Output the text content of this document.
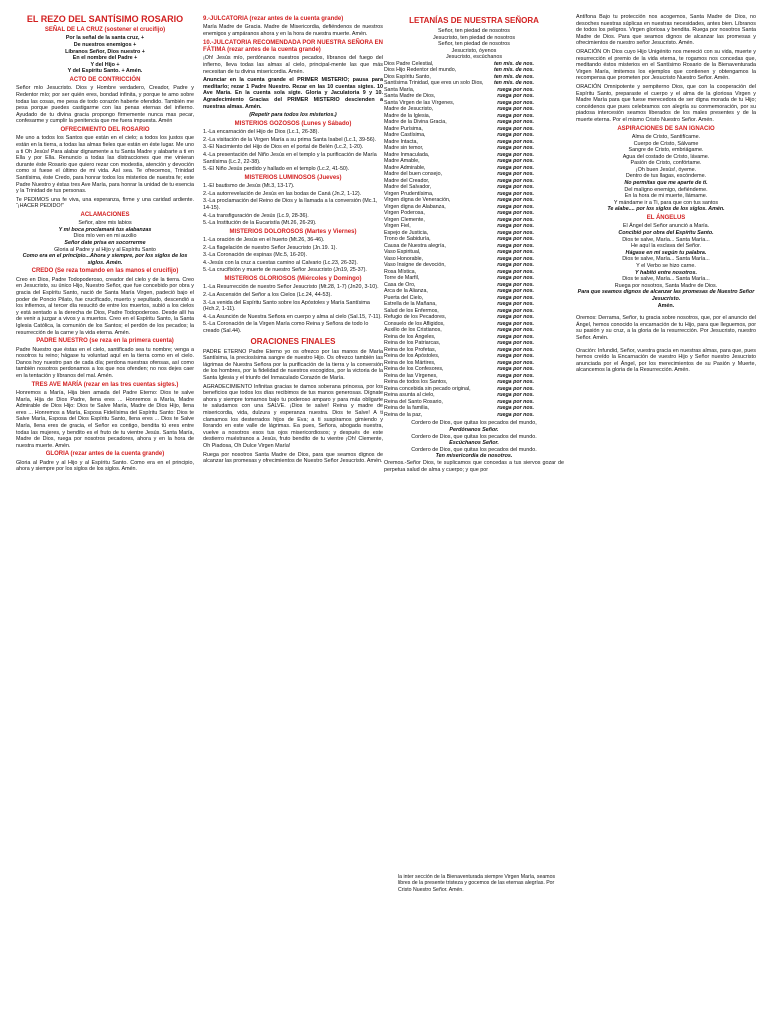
EL REZO DEL SANTÍSIMO ROSARIO
SEÑAL DE LA CRUZ (sostener el crucifijo)
Por la señal de la santa cruz, +
De nuestros enemigos +
Líbranos Señor, Dios nuestro +
En el nombre del Padre +
Y del Hijo +
Y del Espíritu Santo. + Amén.
ACTO DE CONTRICCIÓN
Señor mío Jesucristo. Dios y Hombre verdadero, Creador, Padre y Redentor mío; por ser quién eres, bondad infinita, y porque te amo sobre todas las cosas, me pesa de todo corazón haberte ofendido. También me pesa porque puedes castigarme con las penas eternas del infierno. Ayudado de tu divina gracia propongo firmemente nunca mas pecar, confesarme y cumplir la penitencia que me fuera impuesta. Amén
OFRECIMIENTO DEL ROSARIO
Me uno a todos los Santos que están en el cielo; a todos los justos que están en la tierra, a todas las almas fieles que están en éste lugar. Me uno a ti Oh Jesús! Para alabar dignamente a tu Santa Madre y alabarte a ti en Ella y por Ella. Renuncio a todas las distracciones que me vinieran durante éste Rosario que quiero rezar con modestia, atención y devoción como si fuese el último de mi vida. Así sea. Te ofrecemos, Trinidad Santísima, éste Credo, para honrar todos los misterios de nuestra fe; este Padre Nuestro y éstas tres Ave María, para honrar la unidad de tu esencia y la Trinidad de tus personas.
Te PEDIMOS una fe viva, una esperanza, firme y una caridad ardiente. “¡HACER PEDIDO!”
ACLAMACIONES
Señor, abre mis labios
Y mi boca proclamará tus alabanzas
Dios mío ven en mi auxilio
Señor date prisa en socorrerme
Gloria al Padre y al Hijo y al Espíritu Santo
Como era en el principio...Ahora y siempre, por los siglos de los siglos. Amén.
CREDO (Se reza tomando en las manos el crucifijo)
Creo en Dios, Padre Todopoderoso, creador del cielo y de la tierra. Creo en Jesucristo, su único Hijo, Nuestro Señor, que fue concebido por obra y gracia del Espíritu Santo, nació de Santa María Virgen, padeció bajo el poder de Poncio Pilato, fue crucificado, muerto y sepultado, descendió a los infiernos, al tercer día resucitó de entre los muertos, subió a los cielos y está sentado a la derecha de Dios, Padre Todopoderoso. Desde allí ha de venir a juzgar a vivos y a muertos. Creo en el Espíritu Santo, la Santa Iglesia Católica, la comunión de los Santos; el perdón de los pecados; la resurrección de la carne y la vida eterna. Amén.
PADRE NUESTRO (se reza en la primera cuenta)
Padre Nuestro que éstas en el cielo, santificado sea tu nombre; venga a nosotros tu reino; hágase tu voluntad aquí en la tierra como en el cielo. Danos hoy nuestro pan de cada día; perdona nuestras ofensas, así como también nosotros perdonamos a los que nos ofenden; no nos dejes caer en la tentación y líbranos del mal. Amén.
TRES AVE MARÍA (rezar en las tres cuentas sigtes.)
Honremos a María, Hija bien amada del Padre Eterno: Dios te salve María, Hija de Dios Padre, llena eres ... Honremos a María, Madre Admirable de Dios Hijo: Dios te Salve María, Madre de Dios Hijo, llena eres ... Honremos a María, Esposa Fidelísima del Espíritu Santo: Dios te Salve María, Esposa del Dios Espíritu Santo, llena eres ... Dios te Salve María, llena eres de gracia, el Señor es contigo, bendita tú eres entre todas las mujeres, y bendito es el fruto de tu vientre Jesús. Santa María, Madre de Dios, ruega por nosotros pecadores, ahora y en la hora de nuestra muerte. Amén.
GLORIA (rezar antes de la cuenta grande)
Gloria al Padre y al Hijo y al Espíritu Santo. Como era en el principio, ahora y siempre por los siglos de los siglos. Amén.
9.-JULCATORIA (rezar antes de la cuenta grande)
María Madre de Gracia. Madre de Misericordia, defiéndenos de nuestros enemigos y ampáranos ahora y en la hora de nuestra muerte. Amén.
10.-JULCATORIA RECOMENDADA POR NUESTRA SEÑORA EN FÁTIMA (rezar antes de la cuenta grande)
¡Oh! Jesús mío, perdónanos nuestros pecados, líbranos del fuego del infierno, lleva todas las almas al cielo, principal-mente las que más necesitan de tu divina misericordia. Amén.
Anunciar en la cuenta grande el PRIMER MISTERIO; pausa para meditarlo; rezar 1 Padre Nuestro. Rezar en las 10 cuentas sigtes. 10 Ave María. En la cuenta sola sigte. Gloria y Jaculatoria 9 y 10. Agradecimiento Gracias del PRIMER MISTERIO descienden a nuestras almas. Amén.
(Repetir para todos los misterios.)
MISTERIOS GOZOSOS (Lunes y Sábado)
1.-La encarnación del Hijo de Dios (Lc.1, 26-38).
2.-La visitación de la Virgen María a su prima Santa Isabel (Lc.1, 39-56).
3.-El Nacimiento del Hijo de Dios en el portal de Belén (Lc.2, 1-20).
4.-La presentación del Niño Jesús en el templo y la purificación de María Santísima (Lc.2, 22-38).
5.-El Niño Jesús perdido y hallado en el templo (Lc.2, 41-50).
MISTERIOS LUMINOSOS (Jueves)
1.-El bautismo de Jesús (Mt.3, 13-17).
2.-La autorrevelación de Jesús en las bodas de Caná (Jn.2, 1-12).
3.-La proclamación del Reino de Dios y la llamada a la conversión (Mc.1, 14-15).
4.-La transfiguración de Jesús (Lc.9, 28-36).
5.-La Institución de la Eucaristía (Mt.26, 26-29).
MISTERIOS DOLOROSOS (Martes y Viernes)
1.-La oración de Jesús en el huerto (Mt.26, 36-46).
2.-La flagelación de nuestro Señor Jesucristo (Jn.19. 1).
3.-La Coronación de espinas (Mc.5, 16-20).
4.-Jesús con la cruz a cuestas camino al Calvario (Lc.23, 26-32).
5.-La crucifixión y muerte de nuestro Señor Jesucristo (Jn19, 25-37).
MISTERIOS GLORIOSOS (Miércoles y Domingo)
1.-La Resurrección de nuestro Señor Jesucristo (Mt.28, 1-7) (Jn20, 3-10).
2.-La Ascensión del Señor a los Cielos (Lc.24, 44-53).
3.-La venida del Espíritu Santo sobre los Apóstoles y María Santísima (Hch.2, 1-11).
4.-La Asunción de Nuestra Señora en cuerpo y alma al cielo (Sal.15, 7-11).
5.-La Coronación de la Virgen María como Reina y Señora de todo lo creado (Sal.44).
ORACIONES FINALES
PADRE ETERNO Padre Eterno yo os ofrezco por las manos de María Santísima, la preciosísima sangre de nuestro Hijo. Os ofrezco también las lágrimas de Nuestra Señora por la purificación de la tierra y la conversión de los hombres, por la fidelidad de nuestros escogidos, por la victoria de la Santa Iglesia y el triunfo del Inmaculado Corazón de María.
AGRADECIMIENTO Infinitas gracias te damos soberana princesa, por los beneficios que todos los días recibimos de tus manos generosas. Dígnate ahora y siempre tomarnos bajo tu poderoso amparo y para más obligarte te saludamos con una SALVE. ¡Dios te salve! Reina y madre de misericordia, vida, dulzura y esperanza nuestra. Dios te Salve! A ti clamamos los desterrados hijos de Eva; a ti suspiramos gimiendo y llorando en este valle de lágrimas. Ea pues, Señora, abogada nuestra, vuelve a nosotros esos tus ojos misericordiosos; y después de este destierro muéstranos a Jesús, fruto bendito de tu vientre ¡Oh! Clemente, Oh Piadosa, Oh Dulce Virgen María!
Ruega por nosotros Santa Madre de Dios, para que seamos dignos de alcanzar las promesas y ofrecimientos de Nuestro Señor Jesucristo. Amén.
LETANÍAS DE NUESTRA SEÑORA
Señor, ten piedad de nosotros
Jesucristo, ten piedad de nosotros
Señor, ten piedad de nosotros
Jesucristo, óyenos
Jesucristo, escúchanos
Dios Padre Celestial,	ten mis. de nos.
Dios Hijo Redentor del mundo,	ten mis. de nos.
Dios Espíritu Santo,	ten mis. de nos.
Santísima Trinidad, que eres un solo Dios, ten mis. de nos.
Santa María,	ruega por nos.
Santa Madre de Dios,	ruega por nos.
Santa Virgen de las Vírgenes,	ruega por nos.
Madre de Jesucristo,	ruega por nos.
Madre de la Iglesia,	ruega por nos.
Madre de la Divina Gracia,	ruega por nos.
Madre Purísima,	ruega por nos.
Madre Castísima,	ruega por nos.
Madre Intacta,	ruega por nos.
Madre sin temor,	ruega por nos.
Madre Inmaculada,	ruega por nos.
Madre Amable,	ruega por nos.
Madre Admirable,	ruega por nos.
Madre del buen consejo,	ruega por nos.
Madre del Creador,	ruega por nos.
Madre del Salvador,	ruega por nos.
Virgen Prudentísima,	ruega por nos.
Virgen digna de Veneración,	ruega por nos.
Virgen digna de Alabanza,	ruega por nos.
Virgen Poderosa,	ruega por nos.
Virgen Clemente,	ruega por nos.
Virgen Fiel,	ruega por nos.
Espejo de Justicia,	ruega por nos.
Trono de Sabiduría,	ruega por nos.
Causa de Nuestra alegría,	ruega por nos.
Vaso Espiritual,	ruega por nos.
Vaso Honorable,	ruega por nos.
Vaso Insigne de devoción,	ruega por nos.
Rosa Mística,	ruega por nos.
Torre de Marfil,	ruega por nos.
Casa de Oro,	ruega por nos.
Arca de la Alianza,	ruega por nos.
Puerta del Cielo,	ruega por nos.
Estrella de la Mañana,	ruega por nos.
Salud de los Enfermos,	ruega por nos.
Refugio de los Pecadores,	ruega por nos.
Consuelo de los Afligidos,	ruega por nos.
Auxilio de los Cristianos,	ruega por nos.
Reina de los Ángeles,	ruega por nos.
Reina de los Patriarcas,	ruega por nos.
Reina de los Profetas,	ruega por nos.
Reina de los Apóstoles,	ruega por nos.
Reina de los Mártires,	ruega por nos.
Reina de los Confesores,	ruega por nos.
Reina de las Vírgenes,	ruega por nos.
Reina de todos los Santos,	ruega por nos.
Reina concebida sin pecado original,	ruega por nos.
Reina asunta al cielo,	ruega por nos.
Reina del Santo Rosario,	ruega por nos.
Reina de la familia,	ruega por nos.
Reina de la paz,	ruega por nos.
Cordero de Dios, que quitas los pecados del mundo,
Perdónanos Señor.
Cordero de Dios, que quitas los pecados del mundo.
Escúchanos Señor.
Cordero de Dios, que quitas los pecados del mundo.
Ten misericordia de nosotros.
Oremos.-Señor Dios, te suplicamos que concedas a tus siervos gozar de perpetua salud de alma y cuerpo; y que por
la inter sección de la Bienaventurada siempre Virgen María, seamos libres de la presente tristeza y gocemos de las eternas alegrías. Por Cristo Nuestro Señor. Amén.
Antífona Bajo tu protección nos acogemos, Santa Madre de Dios, no desoches nuestras súplicas en nuestras necesidades, antes bien. Líbranos de todos los peligros. Virgen gloriosa y bendita. Ruega por nosotros Santa Madre de Dios. Para que seamos dignos de alcanzar las promesas y ofrecimientos de nuestro señor Jesucristo. Amén.
ORACIÓN Oh Dios cuyo Hijo Unigénito nos mereció con su vida, muerte y resurrección el premio de la vida eterna, te rogamos nos concedas que, meditando éstos misterios en el Santísimo Rosario de la Bienaventurada Virgen María, imitemos los ejemplos que contienen y obtengamos la recompensa que prometen por Jesucristo Nuestro Señor. Amén.
ORACIÓN Omnipotente y sempiterno Dios, que con la cooperación del Espíritu Santo, preparaste el cuerpo y el alma de la gloriosa Virgen y Madre María para que fuese merecedora de ser digna morada de tu Hijo; concédenos que pues celebramos con alegría su conmemoración, por su piadosa intercesión seamos liberados de los males presentes y de la muerte eterna. Por el mismo Cristo Nuestro Señor. Amén.
ASPIRACIONES DE SAN IGNACIO
Alma de Cristo, Santifícame.
Cuerpo de Cristo, Sálvame
Sangre de Cristo, embriágame.
Agua del costado de Cristo, lávame.
Pasión de Cristo, confórtame.
¡Oh buen Jesús!, óyeme.
Dentro de tus llagas, escóndeme.
No permitas que me aparte de ti.
Del maligno enemigo, defiéndeme.
En la hora de mi muerte, llámame.
Y mándame ir a Ti, para que con tus santos
Te alabe.... por los siglos de los siglos. Amén.
EL ÁNGELUS
El Ángel del Señor anunció a María.
Concibió por obra del Espíritu Santo.
Dios te salve, María... Santa María...
He aquí la esclava del Señor.
Hágase en mi según tu palabra.
Dios te salve, María... Santa María...
Y el Verbo se hizo carne.
Y habitó entre nosotros.
Dios te salve, María... Santa María...
Ruega por nosotros, Santa Madre de Dios.
Para que seamos dignos de alcanzar las promesas de Nuestro Señor Jesucristo.
Amén.
Oremos: Derrama, Señor, tu gracia sobre nosotros, que, por el anuncio del Ángel, hemos conocido la encarnación de tu Hijo, para que lleguemos, por su pasión y su cruz, a la gloria de la resurrección. Por Jesucristo, nuestro Señor. Amén.
Oración: Infundid, Señor, vuestra gracia en nuestras almas, para que, pues hemos creído la Encarnación de vuestro Hijo y Señor nuestro Jesucristo anunciada por el Ángel, por los merecimientos de su Pasión y Muerte, alcancemos la gloria de la Resurrección. Amén.
